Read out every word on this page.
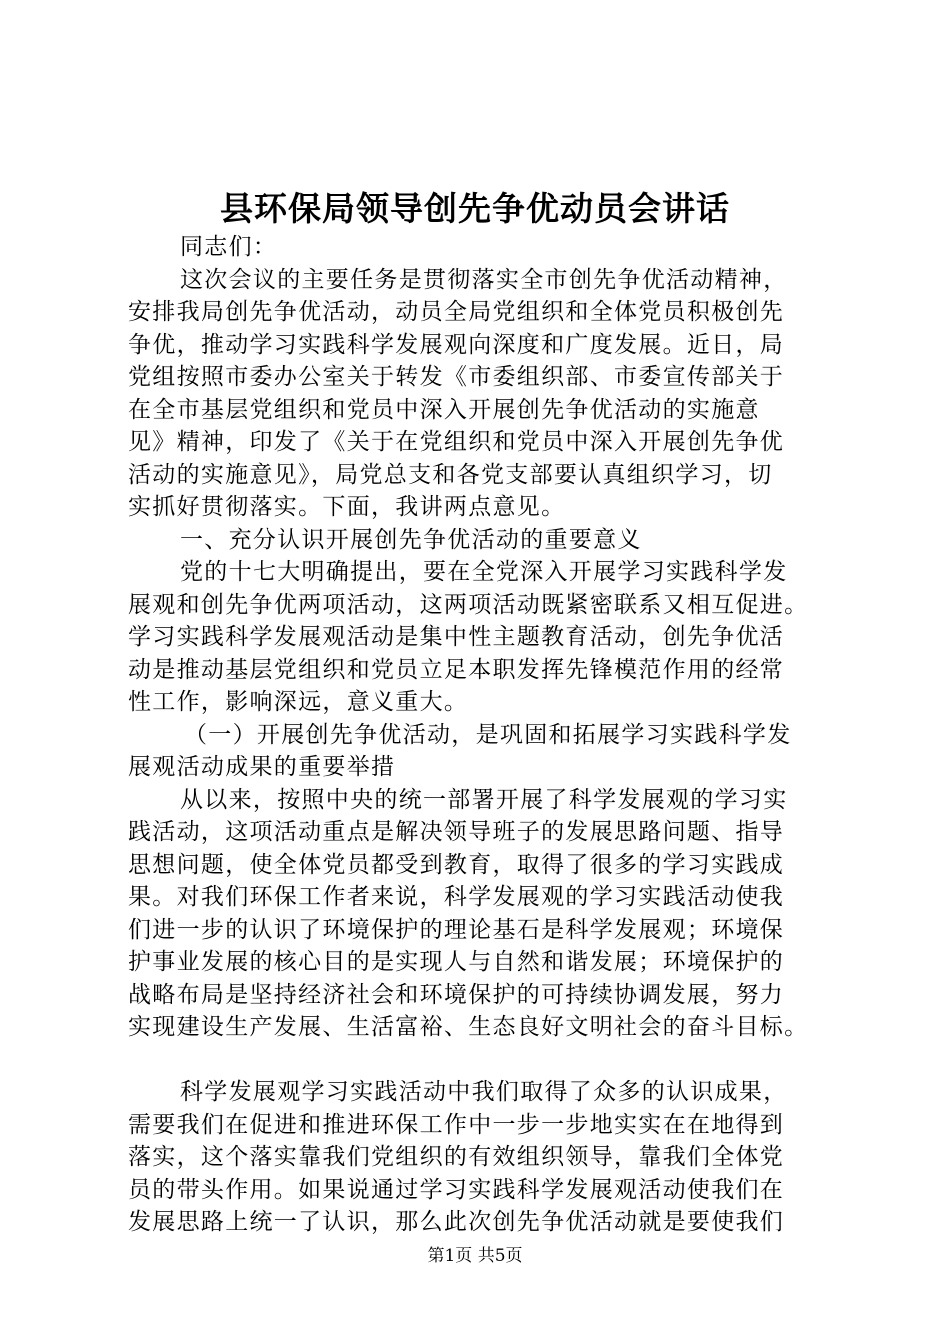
县环保局领导创先争优动员会讲话
同志们：
这次会议的主要任务是贯彻落实全市创先争优活动精神，
安排我局创先争优活动，动员全局党组织和全体党员积极创先
争优，推动学习实践科学发展观向深度和广度发展。近日，局
党组按照市委办公室关于转发《市委组织部、市委宣传部关于
在全市基层党组织和党员中深入开展创先争优活动的实施意
见》精神，印发了《关于在党组织和党员中深入开展创先争优
活动的实施意见》，局党总支和各党支部要认真组织学习，切
实抓好贯彻落实。下面，我讲两点意见。
一、充分认识开展创先争优活动的重要意义
党的十七大明确提出，要在全党深入开展学习实践科学发
展观和创先争优两项活动，这两项活动既紧密联系又相互促进。
学习实践科学发展观活动是集中性主题教育活动，创先争优活
动是推动基层党组织和党员立足本职发挥先锋模范作用的经常
性工作，影响深远，意义重大。
（一）开展创先争优活动，是巩固和拓展学习实践科学发
展观活动成果的重要举措
从以来，按照中央的统一部署开展了科学发展观的学习实
践活动，这项活动重点是解决领导班子的发展思路问题、指导
思想问题，使全体党员都受到教育，取得了很多的学习实践成
果。对我们环保工作者来说，科学发展观的学习实践活动使我
们进一步的认识了环境保护的理论基石是科学发展观；环境保
护事业发展的核心目的是实现人与自然和谐发展；环境保护的
战略布局是坚持经济社会和环境保护的可持续协调发展，努力
实现建设生产发展、生活富裕、生态良好文明社会的奋斗目标。
科学发展观学习实践活动中我们取得了众多的认识成果，
需要我们在促进和推进环保工作中一步一步地实实在在地得到
落实，这个落实靠我们党组织的有效组织领导，靠我们全体党
员的带头作用。如果说通过学习实践科学发展观活动使我们在
发展思路上统一了认识，那么此次创先争优活动就是要使我们
第1页 共5页
